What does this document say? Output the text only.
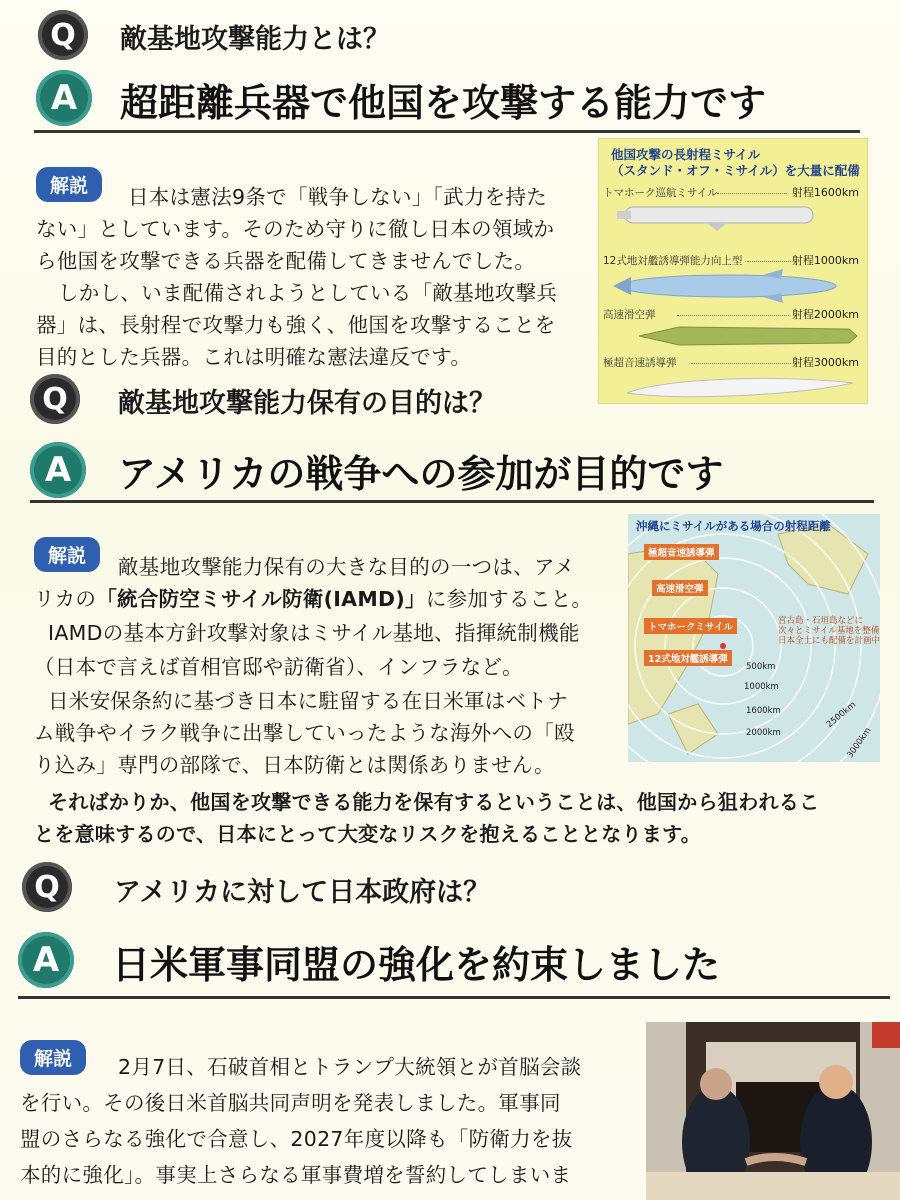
Q	敵基地攻撃能力とは？
A	超距離兵器で他国を攻撃する能力です
解説	日本は憲法9条で「戦争しない」「武力を持た
ない」としています。そのため守りに徹し日本の領域か
ら他国を攻撃できる兵器を配備してきませんでした。
しかし、いま配備されようとしている「敵基地攻撃兵
器」は、長射程で攻撃力も強く、他国を攻撃することを
目的とした兵器。これは明確な憲法違反です。
他国攻撃の長射程ミサイル
（スタンド・オフ・ミサイル）を大量に配備
トマホーク巡航ミサイル	射程1600km
12式地対艦誘導弾能力向上型	射程1000km
高速滑空弾	射程2000km
極超音速誘導弾	射程3000km
Q	敵基地攻撃能力保有の目的は？
A	アメリカの戦争への参加が目的です
解説	敵基地攻撃能力保有の大きな目的の一つは、アメ
リカの「統合防空ミサイル防衛(IAMD)」に参加すること。
IAMDの基本方針攻撃対象はミサイル基地、指揮統制機能
（日本で言えば首相官邸や訪衛省）、インフラなど。
日米安保条約に基づき日本に駐留する在日米軍はベトナ
ム戦争やイラク戦争に出撃していったような海外への「殴
り込み」専門の部隊で、日本防衛とは関係ありません。
そればかりか、他国を攻撃できる能力を保有するということは、他国から狙われるこ
とを意味するので、日本にとって大変なリスクを抱えることとなります。
沖縄にミサイルがある場合の射程距離
極超音速誘導弾
高速滑空弾
トマホークミサイル
12式地対艦誘導弾
宮古島・石垣島などに
次々とミサイル基地を整備
日本全土にも配備を計画中
500km
1000km
1600km
2000km
2500km
3000km
Q	アメリカに対して日本政府は？
A	日米軍事同盟の強化を約束しました
解説	2月7日、石破首相とトランプ大統領とが首脳会談
を行い。その後日米首脳共同声明を発表しました。軍事同
盟のさらなる強化で合意し、2027年度以降も「防衛力を抜
本的に強化」。事実上さらなる軍事費増を誓約してしまいま
